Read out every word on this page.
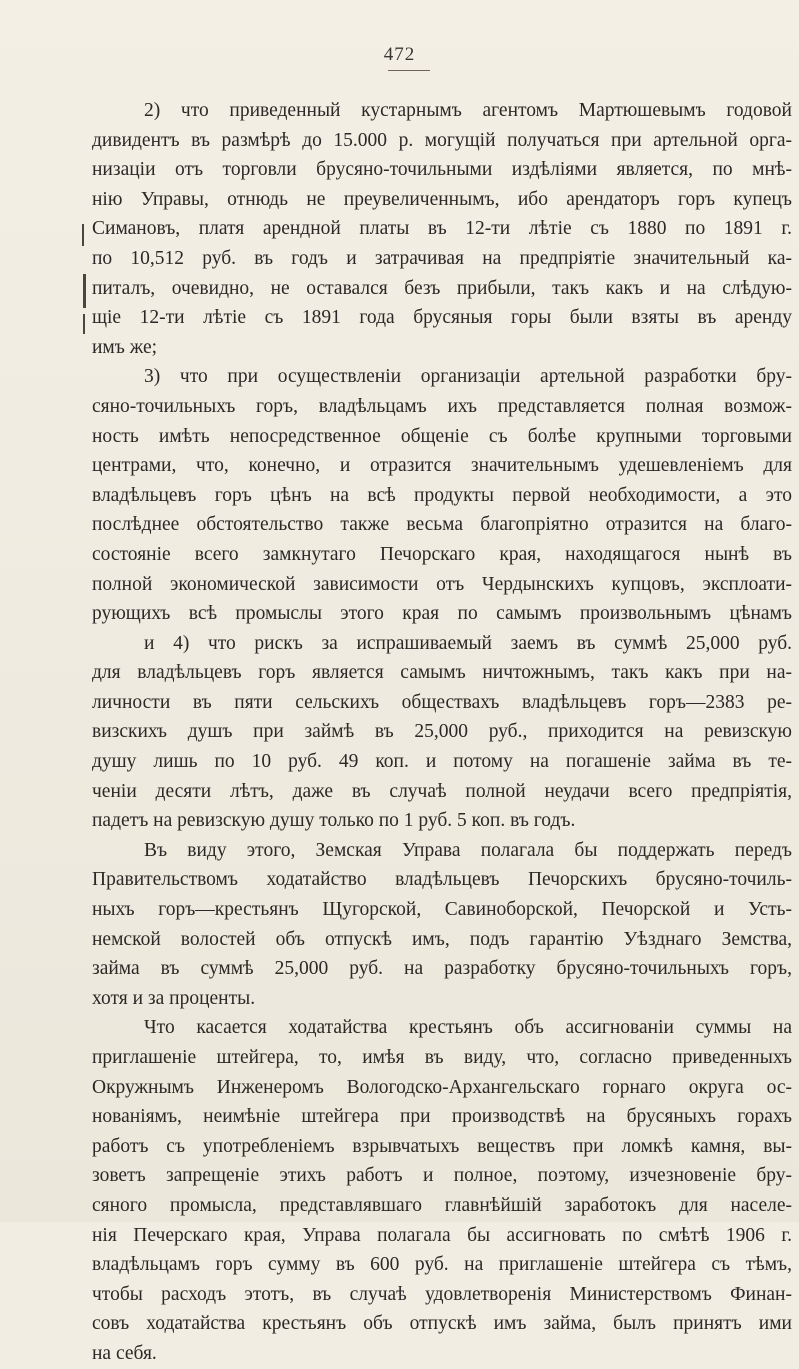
472
2) что приведенный кустарнымъ агентомъ Мартюшевымъ годовой
дивидентъ въ размѣрѣ до 15.000 р. могущій получаться при артельной орга-
низаціи отъ торговли брусяно-точильными издѣліями является, по мнѣ-
нію Управы, отнюдь не преувеличеннымъ, ибо арендаторъ горъ купецъ
Симановъ, платя арендной платы въ 12-ти лѣтіе съ 1880 по 1891 г.
по 10,512 руб. въ годъ и затрачивая на предпріятіе значительный ка-
питалъ, очевидно, не оставался безъ прибыли, такъ какъ и на слѣдую-
щіе 12-ти лѣтіе съ 1891 года брусяныя горы были взяты въ аренду
имъ же;
3) что при осуществленіи организаціи артельной разработки бру-
сяно-точильныхъ горъ, владѣльцамъ ихъ представляется полная возмож-
ность имѣть непосредственное общеніе съ болѣе крупными торговыми
центрами, что, конечно, и отразится значительнымъ удешевленіемъ для
владѣльцевъ горъ цѣнъ на всѣ продукты первой необходимости, а это
послѣднее обстоятельство также весьма благопріятно отразится на благо-
состояніе всего замкнутаго Печорскаго края, находящагося нынѣ въ
полной экономической зависимости отъ Чердынскихъ купцовъ, эксплоати-
рующихъ всѣ промыслы этого края по самымъ произвольнымъ цѣнамъ
и 4) что рискъ за испрашиваемый заемъ въ суммѣ 25,000 руб.
для владѣльцевъ горъ является самымъ ничтожнымъ, такъ какъ при на-
личности въ пяти сельскихъ обществахъ владѣльцевъ горъ—2383 ре-
визскихъ душъ при займѣ въ 25,000 руб., приходится на ревизскую
душу лишь по 10 руб. 49 коп. и потому на погашеніе займа въ те-
ченіи десяти лѣтъ, даже въ случаѣ полной неудачи всего предпріятія,
падетъ на ревизскую душу только по 1 руб. 5 коп. въ годъ.
Въ виду этого, Земская Управа полагала бы поддержать передъ
Правительствомъ ходатайство владѣльцевъ Печорскихъ брусяно-точиль-
ныхъ горъ—крестьянъ Щугорской, Савиноборской, Печорской и Усть-
немской волостей объ отпускѣ имъ, подъ гарантію Уѣзднаго Земства,
займа въ суммѣ 25,000 руб. на разработку брусяно-точильныхъ горъ,
хотя и за проценты.
Что касается ходатайства крестьянъ объ ассигнованіи суммы на
приглашеніе штейгера, то, имѣя въ виду, что, согласно приведенныхъ
Окружнымъ Инженеромъ Вологодско-Архангельскаго горнаго округа ос-
нованіямъ, неимѣніе штейгера при производствѣ на брусяныхъ горахъ
работъ съ употребленіемъ взрывчатыхъ веществъ при ломкѣ камня, вы-
зоветъ запрещеніе этихъ работъ и полное, поэтому, изчезновеніе бру-
сяного промысла, представлявшаго главнѣйшій заработокъ для населе-
нія Печерскаго края, Управа полагала бы ассигновать по смѣтѣ 1906 г.
владѣльцамъ горъ сумму въ 600 руб. на приглашеніе штейгера съ тѣмъ,
чтобы расходъ этотъ, въ случаѣ удовлетворенія Министерствомъ Финан-
совъ ходатайства крестьянъ объ отпускѣ имъ займа, былъ принятъ ими
на себя.
